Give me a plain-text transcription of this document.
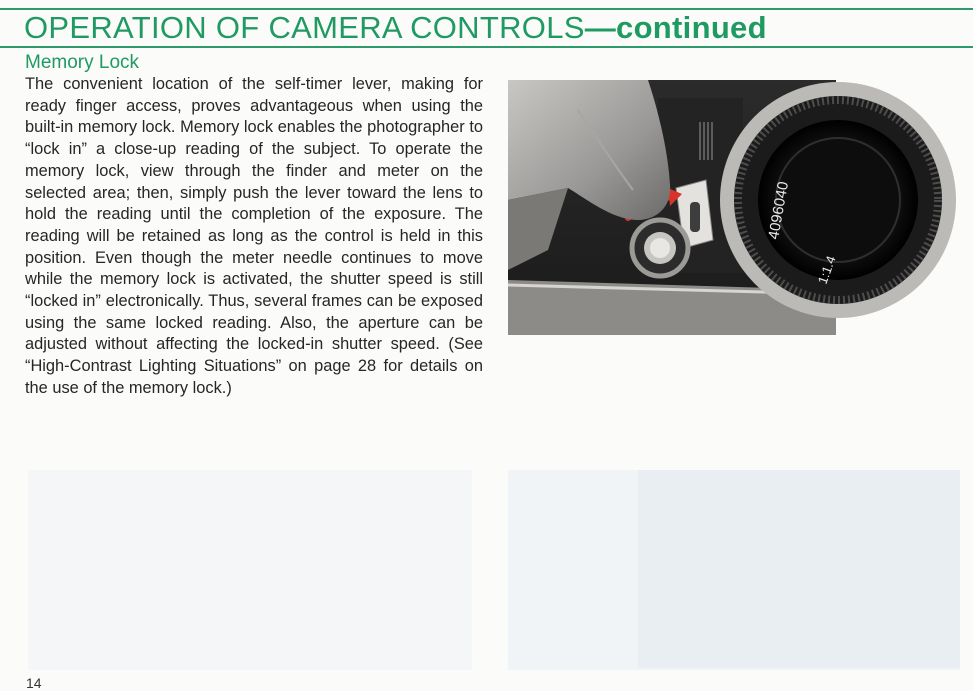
OPERATION OF CAMERA CONTROLS—continued
Memory Lock
The convenient location of the self-timer lever, making for ready finger access, proves advantageous when using the built-in memory lock. Memory lock enables the photographer to “lock in” a close-up reading of the subject. To operate the memory lock, view through the finder and meter on the selected area; then, simply push the lever toward the lens to hold the reading until the completion of the exposure. The reading will be retained as long as the control is held in this position. Even though the meter needle continues to move while the memory lock is activated, the shutter speed is still “locked in” electronically. Thus, several frames can be exposed using the same locked reading. Also, the aperture can be adjusted without affecting the locked-in shutter speed. (See “High-Contrast Lighting Situations” on page 28 for details on the use of the memory lock.)
4096040
1:1.4
14
